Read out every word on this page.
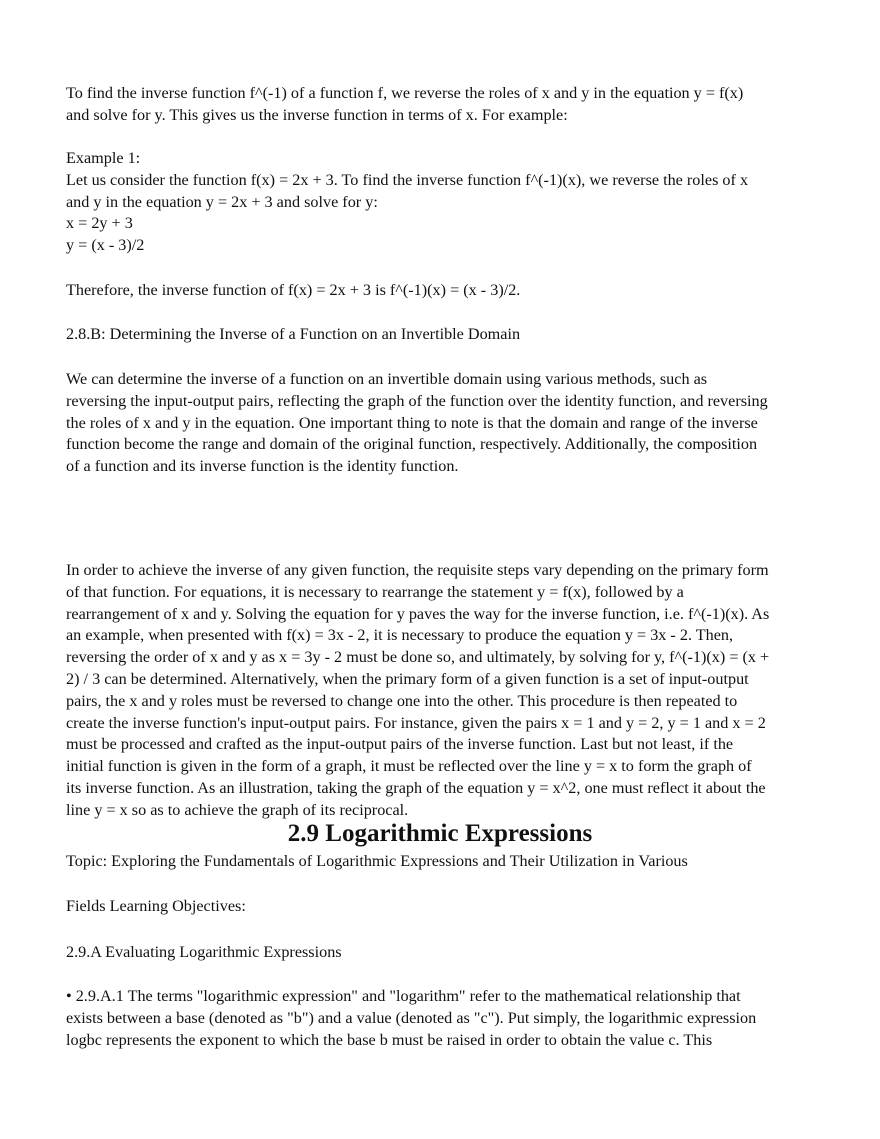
To find the inverse function f^(-1) of a function f, we reverse the roles of x and y in the equation y = f(x)
and solve for y. This gives us the inverse function in terms of x. For example:
Example 1:
Let us consider the function f(x) = 2x + 3. To find the inverse function f^(-1)(x), we reverse the roles of x
and y in the equation y = 2x + 3 and solve for y:
x = 2y + 3
y = (x - 3)/2
Therefore, the inverse function of f(x) = 2x + 3 is f^(-1)(x) = (x - 3)/2.
2.8.B: Determining the Inverse of a Function on an Invertible Domain
We can determine the inverse of a function on an invertible domain using various methods, such as
reversing the input-output pairs, reflecting the graph of the function over the identity function, and reversing
the roles of x and y in the equation. One important thing to note is that the domain and range of the inverse
function become the range and domain of the original function, respectively. Additionally, the composition
of a function and its inverse function is the identity function.
In order to achieve the inverse of any given function, the requisite steps vary depending on the primary form
of that function. For equations, it is necessary to rearrange the statement y = f(x), followed by a
rearrangement of x and y. Solving the equation for y paves the way for the inverse function, i.e. f^(-1)(x). As
an example, when presented with f(x) = 3x - 2, it is necessary to produce the equation y = 3x - 2. Then,
reversing the order of x and y as x = 3y - 2 must be done so, and ultimately, by solving for y, f^(-1)(x) = (x +
2) / 3 can be determined. Alternatively, when the primary form of a given function is a set of input-output
pairs, the x and y roles must be reversed to change one into the other. This procedure is then repeated to
create the inverse function's input-output pairs. For instance, given the pairs x = 1 and y = 2, y = 1 and x = 2
must be processed and crafted as the input-output pairs of the inverse function. Last but not least, if the
initial function is given in the form of a graph, it must be reflected over the line y = x to form the graph of
its inverse function. As an illustration, taking the graph of the equation y = x^2, one must reflect it about the
line y = x so as to achieve the graph of its reciprocal.
2.9 Logarithmic Expressions
Topic: Exploring the Fundamentals of Logarithmic Expressions and Their Utilization in Various
Fields Learning Objectives:
2.9.A Evaluating Logarithmic Expressions
• 2.9.A.1 The terms "logarithmic expression" and "logarithm" refer to the mathematical relationship that
exists between a base (denoted as "b") and a value (denoted as "c"). Put simply, the logarithmic expression
logbc represents the exponent to which the base b must be raised in order to obtain the value c. This
